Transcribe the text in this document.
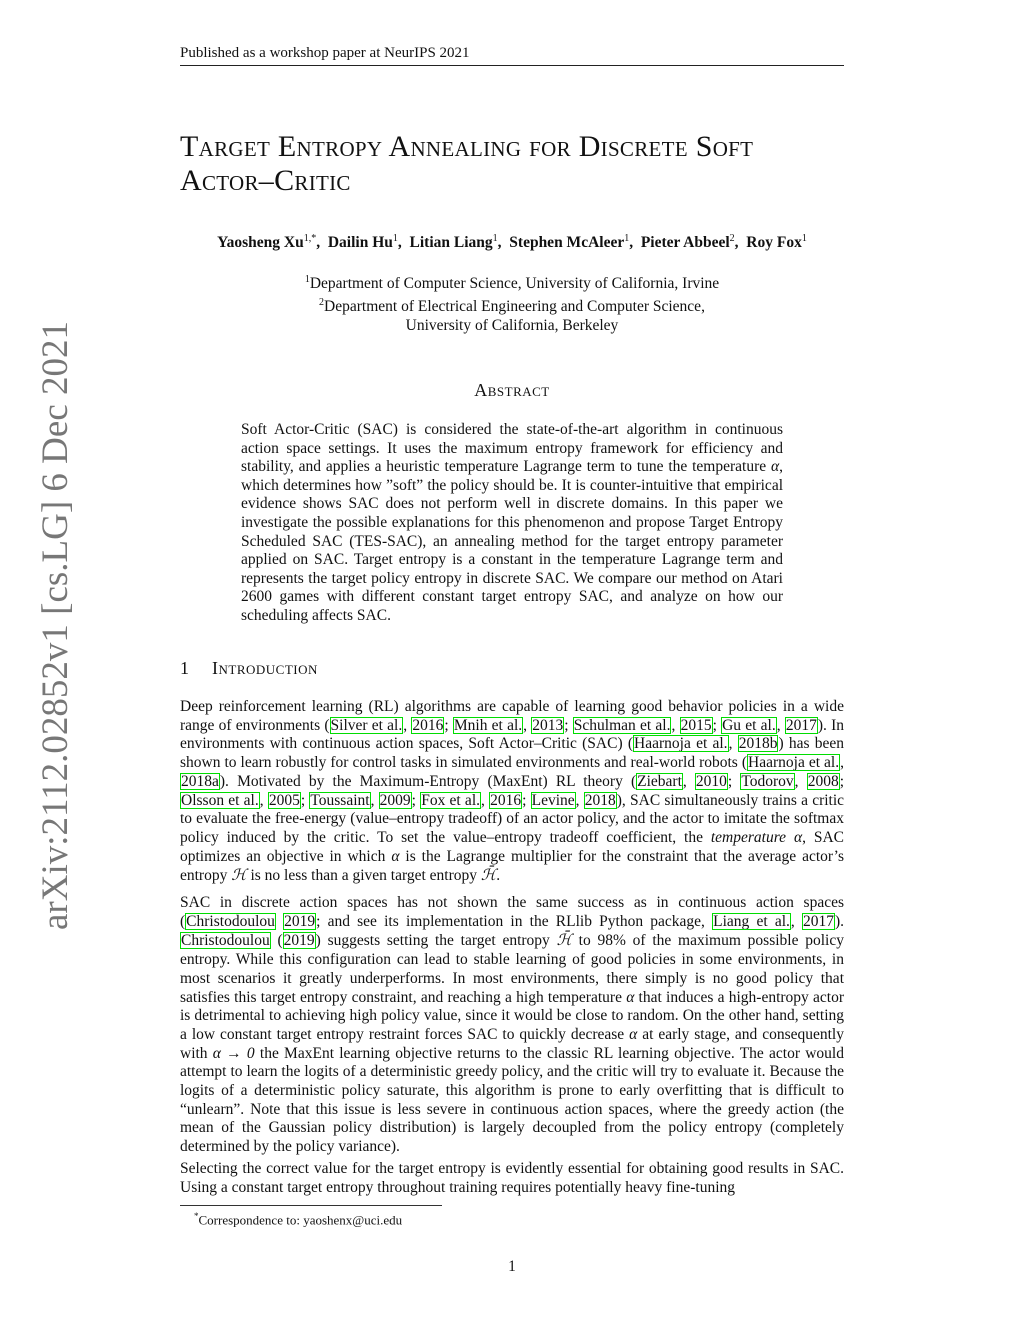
Published as a workshop paper at NeurIPS 2021
arXiv:2112.02852v1 [cs.LG] 6 Dec 2021
Target Entropy Annealing for Discrete Soft
Actor–Critic
Yaosheng $Xu^{1,*}$,  Dailin Hu$^1$,  Litian Liang$^1$,  Stephen McAleer$^1$,  Pieter Abbeel$^2$,  Roy Fox$^1$
$^1$Department of Computer Science, University of California, Irvine
$^2$Department of Electrical Engineering and Computer Science,
University of California, Berkeley
Abstract
Soft Actor-Critic (SAC) is considered the state-of-the-art algorithm in continuous action space settings. It uses the maximum entropy framework for efficiency and stability, and applies a heuristic temperature Lagrange term to tune the temperature α, which determines how ”soft” the policy should be. It is counter-intuitive that empirical evidence shows SAC does not perform well in discrete domains. In this paper we investigate the possible explanations for this phenomenon and propose Target Entropy Scheduled SAC (TES-SAC), an annealing method for the target entropy parameter applied on SAC. Target entropy is a constant in the temperature Lagrange term and represents the target policy entropy in discrete SAC. We compare our method on Atari 2600 games with different constant target entropy SAC, and analyze on how our scheduling affects SAC.
1 Introduction
Deep reinforcement learning (RL) algorithms are capable of learning good behavior policies in a wide range of environments (Silver et al., 2016; Mnih et al., 2013; Schulman et al., 2015; Gu et al., 2017). In environments with continuous action spaces, Soft Actor–Critic (SAC) (Haarnoja et al., 2018b) has been shown to learn robustly for control tasks in simulated environments and real-world robots (Haarnoja et al., 2018a). Motivated by the Maximum-Entropy (MaxEnt) RL theory (Ziebart, 2010; Todorov, 2008; Olsson et al., 2005; Toussaint, 2009; Fox et al., 2016; Levine, 2018), SAC simultaneously trains a critic to evaluate the free-energy (value–entropy tradeoff) of an actor policy, and the actor to imitate the softmax policy induced by the critic. To set the value–entropy tradeoff coefficient, the temperature α, SAC optimizes an objective in which α is the Lagrange multiplier for the constraint that the average actor’s entropy ℋ is no less than a given target entropy ℋ̄.
SAC in discrete action spaces has not shown the same success as in continuous action spaces (Christodoulou 2019; and see its implementation in the RLlib Python package, Liang et al., 2017). Christodoulou (2019) suggests setting the target entropy ℋ̄ to 98% of the maximum possible policy entropy. While this configuration can lead to stable learning of good policies in some environments, in most scenarios it greatly underperforms. In most environments, there simply is no good policy that satisfies this target entropy constraint, and reaching a high temperature α that induces a high-entropy actor is detrimental to achieving high policy value, since it would be close to random. On the other hand, setting a low constant target entropy restraint forces SAC to quickly decrease α at early stage, and consequently with α → 0 the MaxEnt learning objective returns to the classic RL learning objective. The actor would attempt to learn the logits of a deterministic greedy policy, and the critic will try to evaluate it. Because the logits of a deterministic policy saturate, this algorithm is prone to early overfitting that is difficult to “unlearn”. Note that this issue is less severe in continuous action spaces, where the greedy action (the mean of the Gaussian policy distribution) is largely decoupled from the policy entropy (completely determined by the policy variance).
Selecting the correct value for the target entropy is evidently essential for obtaining good results in SAC. Using a constant target entropy throughout training requires potentially heavy fine-tuning
*Correspondence to: yaoshenx@uci.edu
1
